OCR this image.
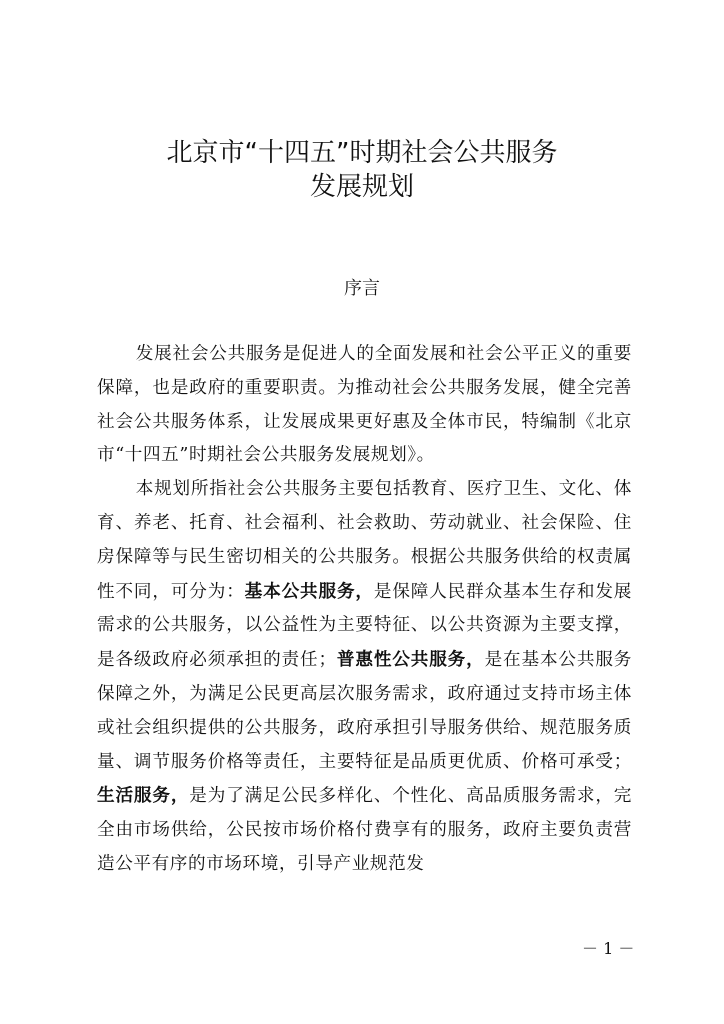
北京市“十四五”时期社会公共服务
发展规划
序言

发展社会公共服务是促进人的全面发展和社会公平正义的重要保障，也是政府的重要职责。为推动社会公共服务发展，健全完善社会公共服务体系，让发展成果更好惠及全体市民，特编制《北京市“十四五”时期社会公共服务发展规划》。

本规划所指社会公共服务主要包括教育、医疗卫生、文化、体育、养老、托育、社会福利、社会救助、劳动就业、社会保险、住房保障等与民生密切相关的公共服务。根据公共服务供给的权责属性不同，可分为：基本公共服务，是保障人民群众基本生存和发展需求的公共服务，以公益性为主要特征、以公共资源为主要支撑，是各级政府必须承担的责任；普惠性公共服务，是在基本公共服务保障之外，为满足公民更高层次服务需求，政府通过支持市场主体或社会组织提供的公共服务，政府承担引导服务供给、规范服务质量、调节服务价格等责任，主要特征是品质更优质、价格可承受；生活服务，是为了满足公民多样化、个性化、高品质服务需求，完全由市场供给，公民按市场价格付费享有的服务，政府主要负责营造公平有序的市场环境，引导产业规范发

－ 1 －
